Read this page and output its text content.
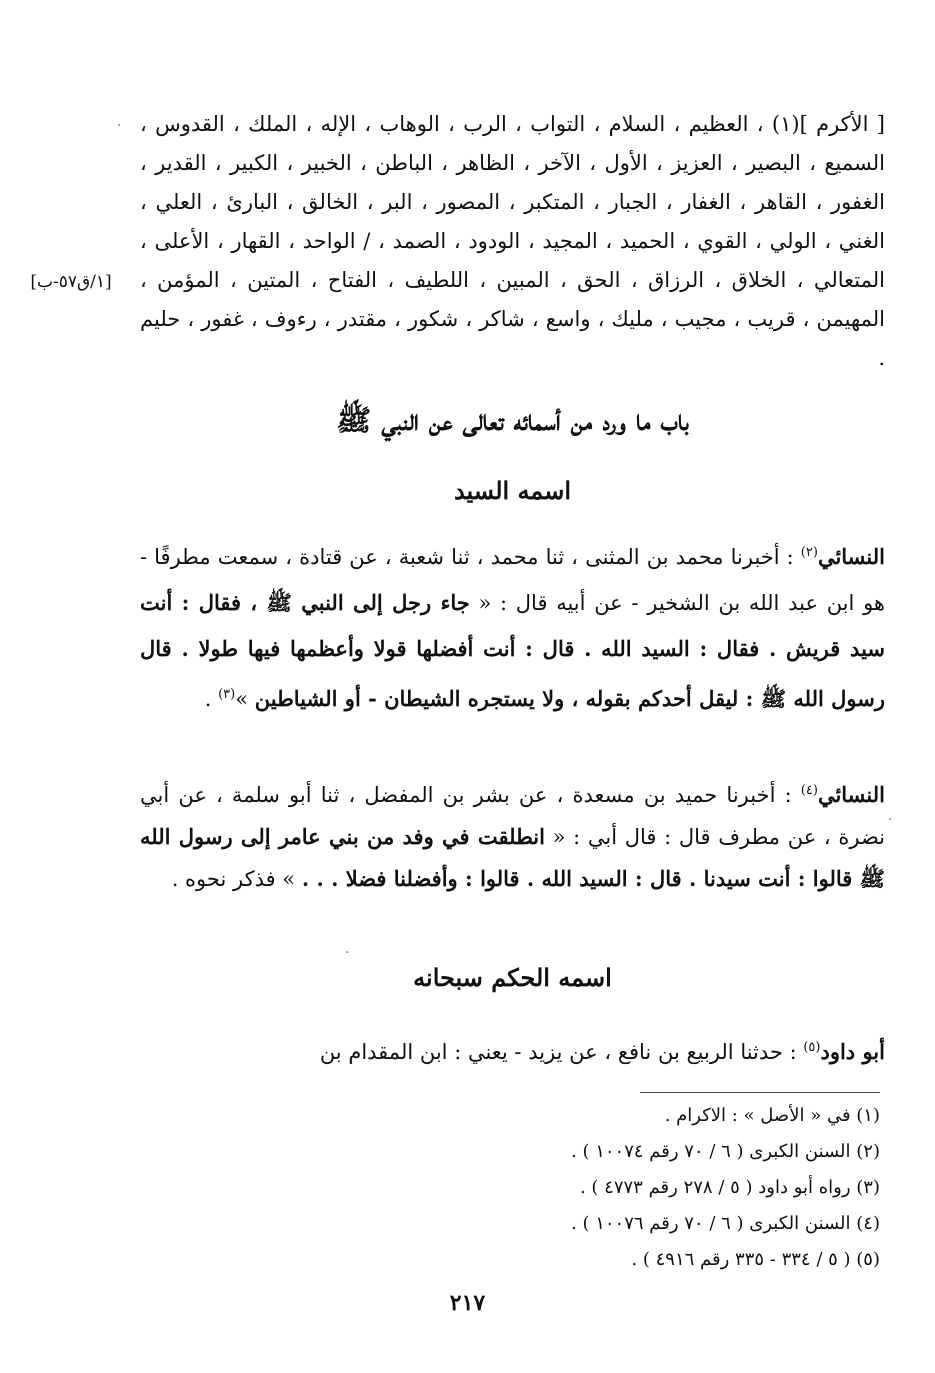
[ الأكرم ](١) ، العظيم ، السلام ، التواب ، الرب ، الوهاب ، الإله ، الملك ، القدوس ، السميع ، البصير ، العزيز ، الأول ، الآخر ، الظاهر ، الباطن ، الخبير ، الكبير ، القدير ، الغفور ، القاهر ، الغفار ، الجبار ، المتكبر ، المصور ، البر ، الخالق ، البارئ ، العلي ، الغني ، الولي ، القوي ، الحميد ، المجيد ، الودود ، الصمد ، / الواحد ، القهار ، الأعلى ، المتعالي ، الخلاق ، الرزاق ، الحق ، المبين ، اللطيف ، الفتاح ، المتين ، المؤمن ، المهيمن ، قريب ، مجيب ، مليك ، واسع ، شاكر ، شكور ، مقتدر ، رءوف ، غفور ، حليم .
[١/ق٥٧-ب]
باب ما ورد من أسمائه تعالى عن النبي ﷺ
اسمه السيد
النسائي$^{(٢)}$ : أخبرنا محمد بن المثنى ، ثنا محمد ، ثنا شعبة ، عن قتادة ، سمعت مطرفًا - هو ابن عبد الله بن الشخير - عن أبيه قال : « جاء رجل إلى النبي ﷺ ، فقال : أنت سيد قريش . فقال : السيد الله . قال : أنت أفضلها قولا وأعظمها فيها طولا . قال رسول الله ﷺ : ليقل أحدكم بقوله ، ولا يستجره الشيطان - أو الشياطين »$^{(٣)}$ .
النسائي$^{(٤)}$ : أخبرنا حميد بن مسعدة ، عن بشر بن المفضل ، ثنا أبو سلمة ، عن أبي نضرة ، عن مطرف قال : قال أبي : « انطلقت في وفد من بني عامر إلى رسول الله ﷺ قالوا : أنت سيدنا . قال : السيد الله . قالوا : وأفضلنا فضلا . . . » فذكر نحوه .
اسمه الحكم سبحانه
أبو داود$^{(٥)}$ : حدثنا الربيع بن نافع ، عن يزيد - يعني : ابن المقدام بن
(١) في « الأصل » : الاكرام .
(٢) السنن الكبرى ( ٦ / ٧٠ رقم ١٠٠٧٤ ) .
(٣) رواه أبو داود ( ٥ / ٢٧٨ رقم ٤٧٧٣ ) .
(٤) السنن الكبرى ( ٦ / ٧٠ رقم ١٠٠٧٦ ) .
(٥) ( ٥ / ٣٣٤ - ٣٣٥ رقم ٤٩١٦ ) .
٢١٧
·
·
·
